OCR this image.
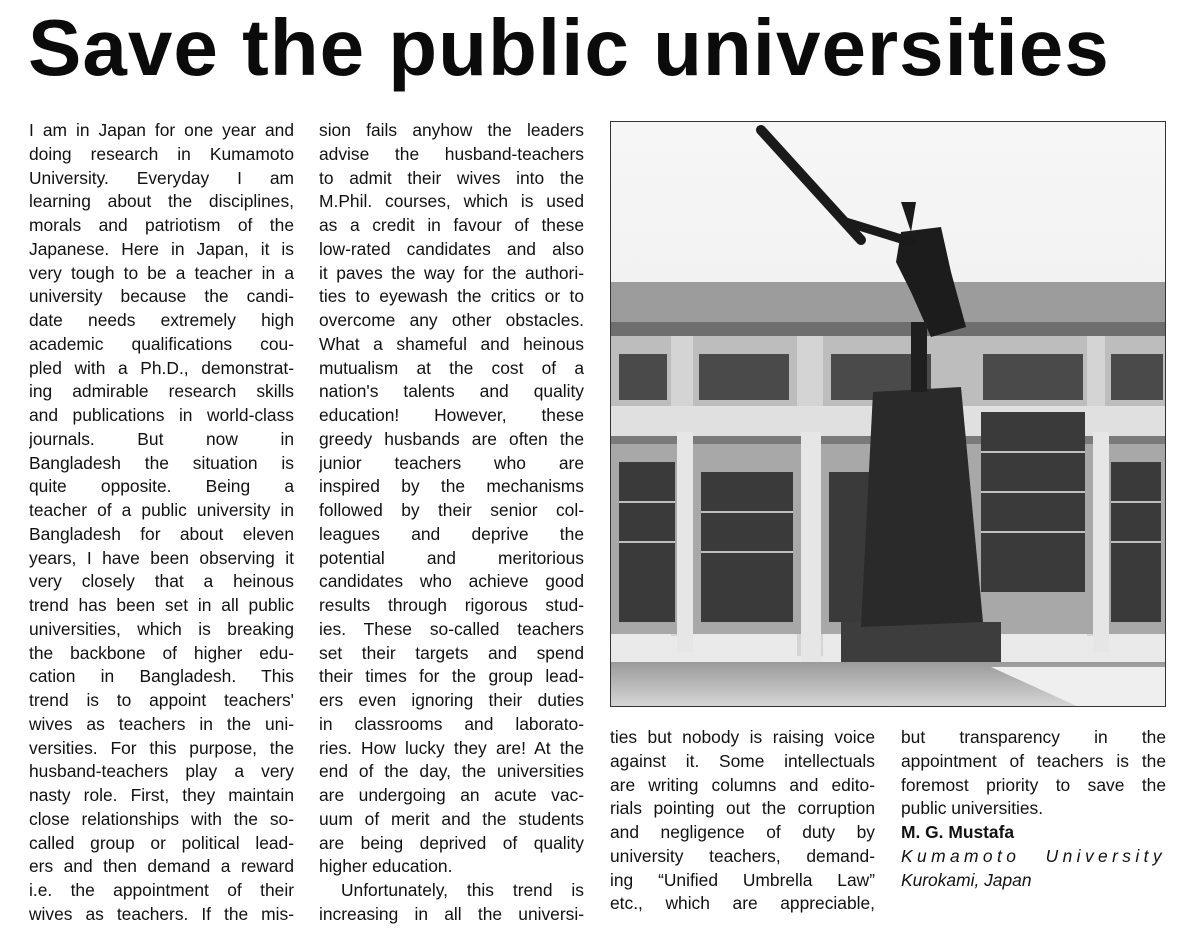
Save the public universities
I am in Japan for one year and
doing research in Kumamoto
University. Everyday I am
learning about the disciplines,
morals and patriotism of the
Japanese. Here in Japan, it is
very tough to be a teacher in a
university because the candi-
date needs extremely high
academic qualifications cou-
pled with a Ph.D., demonstrat-
ing admirable research skills
and publications in world-class
journals. But now in
Bangladesh the situation is
quite opposite. Being a
teacher of a public university in
Bangladesh for about eleven
years, I have been observing it
very closely that a heinous
trend has been set in all public
universities, which is breaking
the backbone of higher edu-
cation in Bangladesh. This
trend is to appoint teachers'
wives as teachers in the uni-
versities. For this purpose, the
husband-teachers play a very
nasty role. First, they maintain
close relationships with the so-
called group or political lead-
ers and then demand a reward
i.e. the appointment of their
wives as teachers. If the mis-
sion fails anyhow the leaders
advise the husband-teachers
to admit their wives into the
M.Phil. courses, which is used
as a credit in favour of these
low-rated candidates and also
it paves the way for the authori-
ties to eyewash the critics or to
overcome any other obstacles.
What a shameful and heinous
mutualism at the cost of a
nation's talents and quality
education! However, these
greedy husbands are often the
junior teachers who are
inspired by the mechanisms
followed by their senior col-
leagues and deprive the
potential and meritorious
candidates who achieve good
results through rigorous stud-
ies. These so-called teachers
set their targets and spend
their times for the group lead-
ers even ignoring their duties
in classrooms and laborato-
ries. How lucky they are! At the
end of the day, the universities
are undergoing an acute vac-
uum of merit and the students
are being deprived of quality
higher education.
Unfortunately, this trend is
increasing in all the universi-
ties but nobody is raising voice
against it. Some intellectuals
are writing columns and edito-
rials pointing out the corruption
and negligence of duty by
university teachers, demand-
ing “Unified Umbrella Law”
etc., which are appreciable,
but transparency in the
appointment of teachers is the
foremost priority to save the
public universities.
M. G. Mustafa
Kumamoto University
Kurokami, Japan
